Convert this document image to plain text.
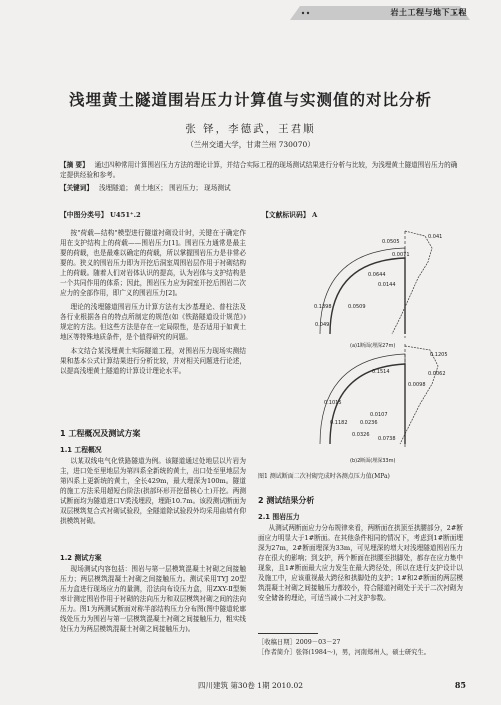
岩土工程与地下工程
浅埋黄土隧道围岩压力计算值与实测值的对比分析
张 铎，李德武，王君顺
（兰州交通大学，甘肃兰州 730070）
【摘 要】 通过四种常用计算围岩压力方法的理论计算，并结合实际工程的现场测试结果进行分析与比较，为浅埋黄土隧道围岩压力的确定提供经验和参考。
【关键词】 浅埋隧道； 黄土地区； 围岩压力； 现场测试
【中图分类号】 U451⁺.2	【文献标识码】 A

按"荷载—结构"模型进行隧道衬砌设计时，关键在于确定作用在支护结构上的荷载——围岩压力[1]。围岩压力通常是最主要的荷载，也是最难以确定的荷载，所以掌握围岩压力是非常必要的。狭义的围岩压力即为开挖后洞室周围岩层作用于衬砌结构上的荷载。随着人们对岩体认识的提高，认为岩体与支护结构是一个共同作用的体系；因此，围岩压力应为洞室开挖后围岩二次应力的全部作用，即广义的围岩压力[2]。

理论的浅埋隧道围岩压力计算方法有太沙基理论、普柱法及各行业根据各自的特点所制定的规范(如《铁路隧道设计规范》)规定的方法。但这些方法是存在一定局限性，是否适用于如黄土地区等特殊地质条件，是个值得研究的问题。

本文结合某浅埋黄土实际隧道工程，对围岩压力现场实测结果和基本公式计算结果进行分析比较，并对相关问题进行论述，以提高浅埋黄土隧道的计算设计理论水平。

1 工程概况及测试方案
1.1 工程概况

以某双线电气化铁路隧道为例。该隧道通过处地层以片岩为主，进口处至里地层为第四系全新统的黄土，出口处至里地层为第四系上更新统的黄土，全长429m，最大埋深为100m。隧道的施工方法采用超短台阶法(拱部环形开挖留核心土)开挖。两测试断面均为隧道进口Ⅴ类浅埋段，埋距10.7m。该段测试断面为双层模筑复合式衬砌试验段，全隧道除试验段外均采用曲墙有仰拱模筑衬砌。

1.2 测试方案

现场测试内容包括：围岩与第一层模筑混凝土衬砌之间接触压力；两层模筑混凝土衬砌之间接触压力。测试采用TYJ 20型压力盒进行现场应力的量测，沿法向布设压力盒，用ZXY-Ⅱ型频率计测定围岩作用于衬砌的法向压力和双层模筑衬砌之间的法向压力。图1为两测试断面对称半部结构压力分布图(图中隧道轮廓线处压力为围岩与第一层模筑混凝土衬砌之间接触压力，粗实线处压力为两层模筑混凝土衬砌之间接触压力)。

0.041
0.0505
0.0071
0.0644
0.0144
0.1398	0.0509
0.049
0.1205
0.1514	0.0062
0.0098
0.1015
0.0107
0.1182	0.0236
0.0326
0.0738
(a)1断面(埋深27m)
(b)2断面(埋深33m)
图1 测试断面二次衬砌完成时各测点压力值(MPa)
2 测试结果分析
2.1 围岩压力

从测试两断面应力分布规律来看，两断面在拱顶至拱腰部分，2#断面应力明显大于1#断面。在其他条件相同的情况下，考虑到1#断面埋深为27m，2#断面埋深为33m，可见埋深的增大对浅埋隧道围岩压力存在很大的影响；到支护，两个断面在拱腰至拱脚处，都存在应力集中现象，且1#断面最大应力发生在最大跨径处，所以在进行支护设计以及施工中，应该重视最大跨径和拱脚处的支护；1#和2#断面的两层模筑混凝土衬砌之间接触压力都较小，符合隧道衬砌处于关于二次衬砌为安全储备的理论，可适当减小二衬支护参数。

［收稿日期］2009－03－27
［作者简介］张铎(1984～)，男，河南郑州人，硕士研究生。
四川建筑 第30卷 1期 2010.02	85
